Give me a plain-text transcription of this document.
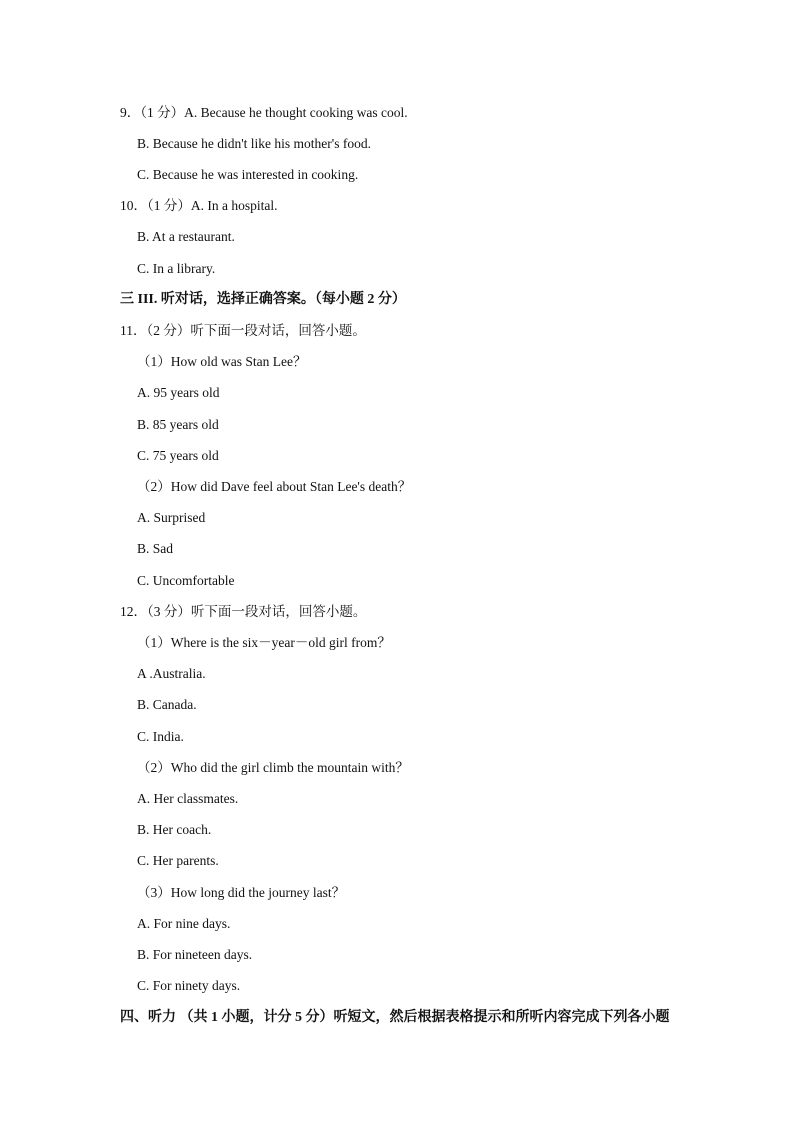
9．（1 分）A. Because he thought cooking was cool.
B. Because he didn't like his mother's food.
C. Because he was interested in cooking.
10．（1 分）A. In a hospital.
B. At a restaurant.
C. In a library.
三 III. 听对话，选择正确答案。（每小题 2 分）
11．（2 分）听下面一段对话，回答小题。
（1）How old was Stan Lee？
A. 95 years old
B. 85 years old
C. 75 years old
（2）How did Dave feel about Stan Lee's death？
A. Surprised
B. Sad
C. Uncomfortable
12．（3 分）听下面一段对话，回答小题。
（1）Where is the six－year－old girl from？
A .Australia.
B. Canada.
C. India.
（2）Who did the girl climb the mountain with？
A. Her classmates.
B. Her coach.
C. Her parents.
（3）How long did the journey last？
A. For nine days.
B. For nineteen days.
C. For ninety days.
四、听力 （共 1 小题，计分 5 分）听短文，然后根据表格提示和所听内容完成下列各小题
